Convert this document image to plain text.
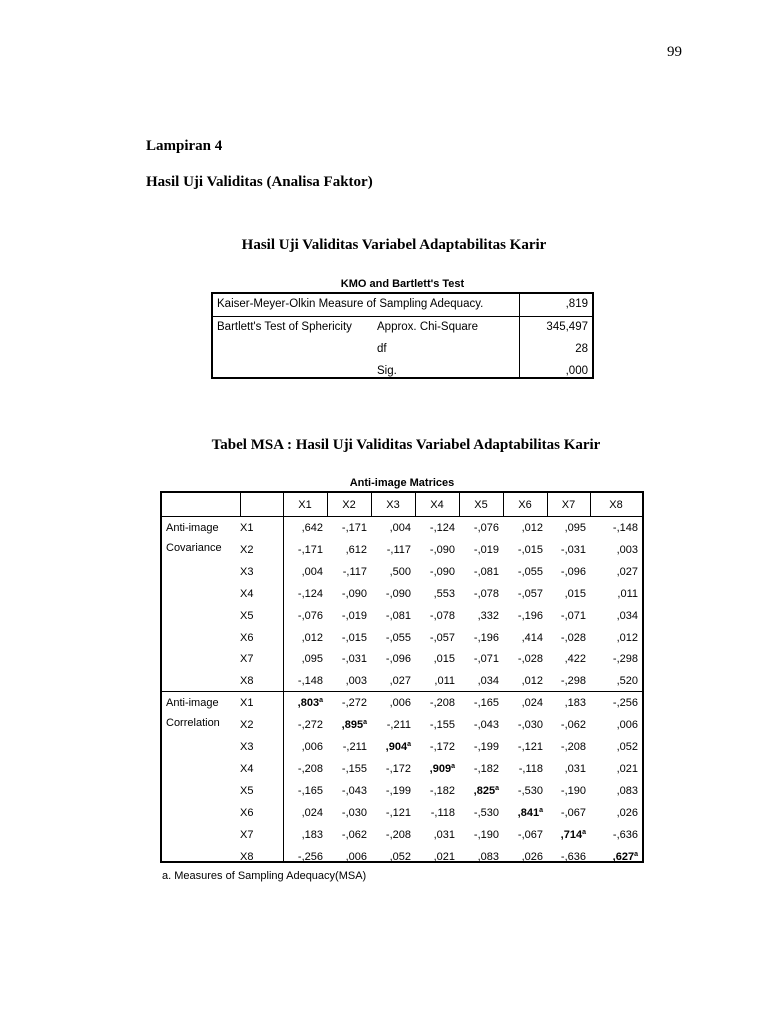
99
Lampiran 4
Hasil Uji Validitas (Analisa Faktor)
Hasil Uji Validitas Variabel Adaptabilitas Karir
KMO and Bartlett's Test
Kaiser-Meyer-Olkin Measure of Sampling Adequacy.	,819
Bartlett's Test of Sphericity Approx. Chi-Square	345,497
df	28
Sig.	,000
Tabel MSA : Hasil Uji Validitas Variabel Adaptabilitas Karir
Anti-image Matrices
X1	X2	X3	X4	X5	X6	X7	X8
Anti-image
Covariance
X1	,642	-,171	,004	-,124	-,076	,012	,095	-,148
X2	-,171	,612	-,117	-,090	-,019	-,015	-,031	,003
X3	,004	-,117	,500	-,090	-,081	-,055	-,096	,027
X4	-,124	-,090	-,090	,553	-,078	-,057	,015	,011
X5	-,076	-,019	-,081	-,078	,332	-,196	-,071	,034
X6	,012	-,015	-,055	-,057	-,196	,414	-,028	,012
X7	,095	-,031	-,096	,015	-,071	-,028	,422	-,298
X8	-,148	,003	,027	,011	,034	,012	-,298	,520
Anti-image
Correlation
X1	,803$^a$	-,272	,006	-,208	-,165	,024	,183	-,256
X2	-,272	,895$^a$	-,211	-,155	-,043	-,030	-,062	,006
X3	,006	-,211	,904$^a$	-,172	-,199	-,121	-,208	,052
X4	-,208	-,155	-,172	,909$^a$	-,182	-,118	,031	,021
X5	-,165	-,043	-,199	-,182	,825$^a$	-,530	-,190	,083
X6	,024	-,030	-,121	-,118	-,530	,841$^a$	-,067	,026
X7	,183	-,062	-,208	,031	-,190	-,067	,714$^a$	-,636
X8	-,256	,006	,052	,021	,083	,026	-,636	,627$^a$
a. Measures of Sampling Adequacy(MSA)
